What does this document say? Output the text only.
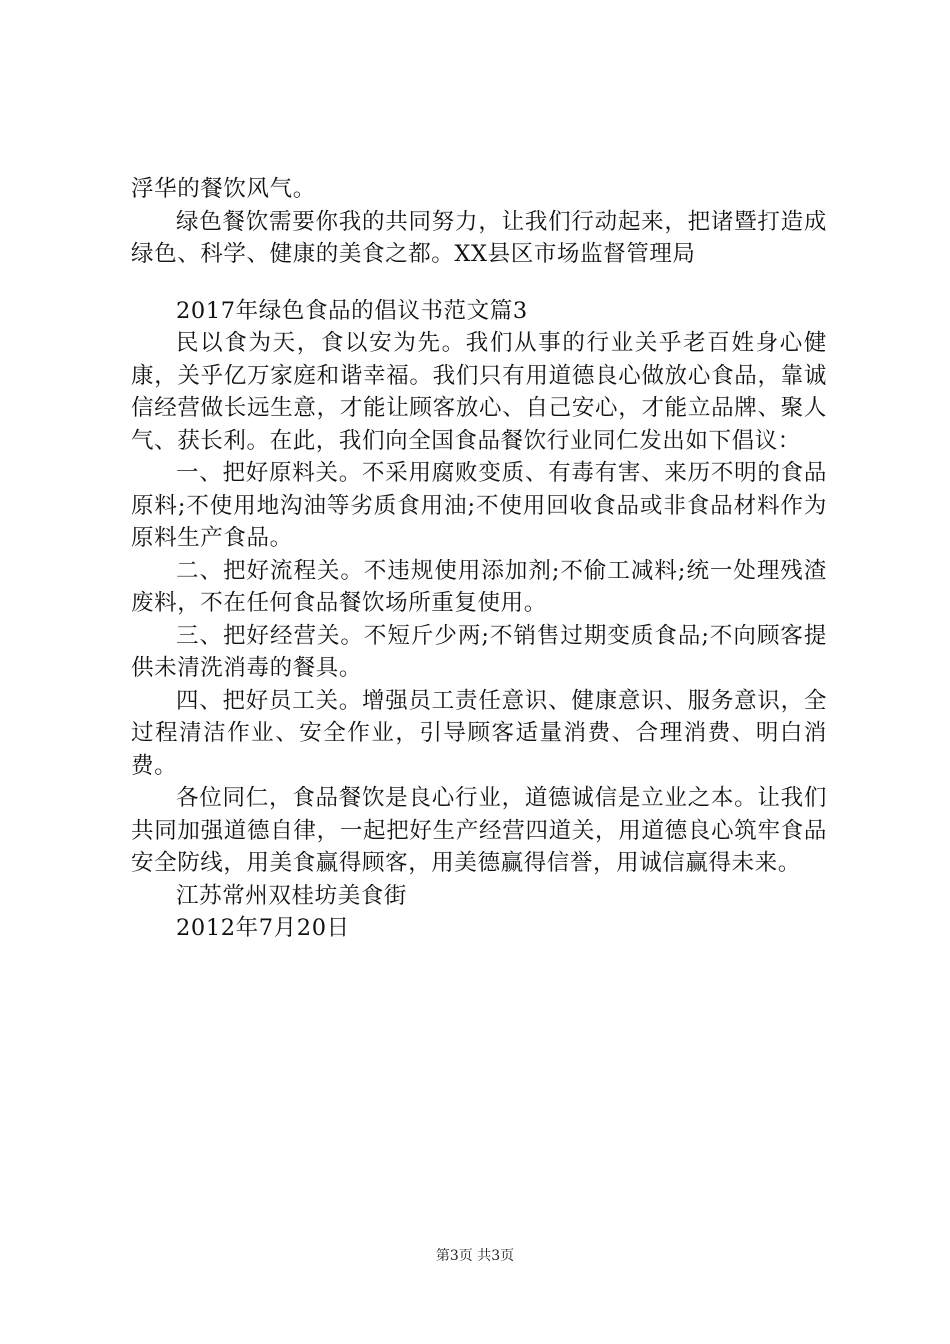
浮华的餐饮风气。

绿色餐饮需要你我的共同努力，让我们行动起来，把诸暨打造成绿色、科学、健康的美食之都。XX县区市场监督管理局

2017年绿色食品的倡议书范文篇3

民以食为天，食以安为先。我们从事的行业关乎老百姓身心健康，关乎亿万家庭和谐幸福。我们只有用道德良心做放心食品，靠诚信经营做长远生意，才能让顾客放心、自己安心，才能立品牌、聚人气、获长利。在此，我们向全国食品餐饮行业同仁发出如下倡议：

一、把好原料关。不采用腐败变质、有毒有害、来历不明的食品原料;不使用地沟油等劣质食用油;不使用回收食品或非食品材料作为原料生产食品。

二、把好流程关。不违规使用添加剂;不偷工减料;统一处理残渣废料，不在任何食品餐饮场所重复使用。

三、把好经营关。不短斤少两;不销售过期变质食品;不向顾客提供未清洗消毒的餐具。

四、把好员工关。增强员工责任意识、健康意识、服务意识，全过程清洁作业、安全作业，引导顾客适量消费、合理消费、明白消费。

各位同仁，食品餐饮是良心行业，道德诚信是立业之本。让我们共同加强道德自律，一起把好生产经营四道关，用道德良心筑牢食品安全防线，用美食赢得顾客，用美德赢得信誉，用诚信赢得未来。

江苏常州双桂坊美食街

2012年7月20日

第3页 共3页
